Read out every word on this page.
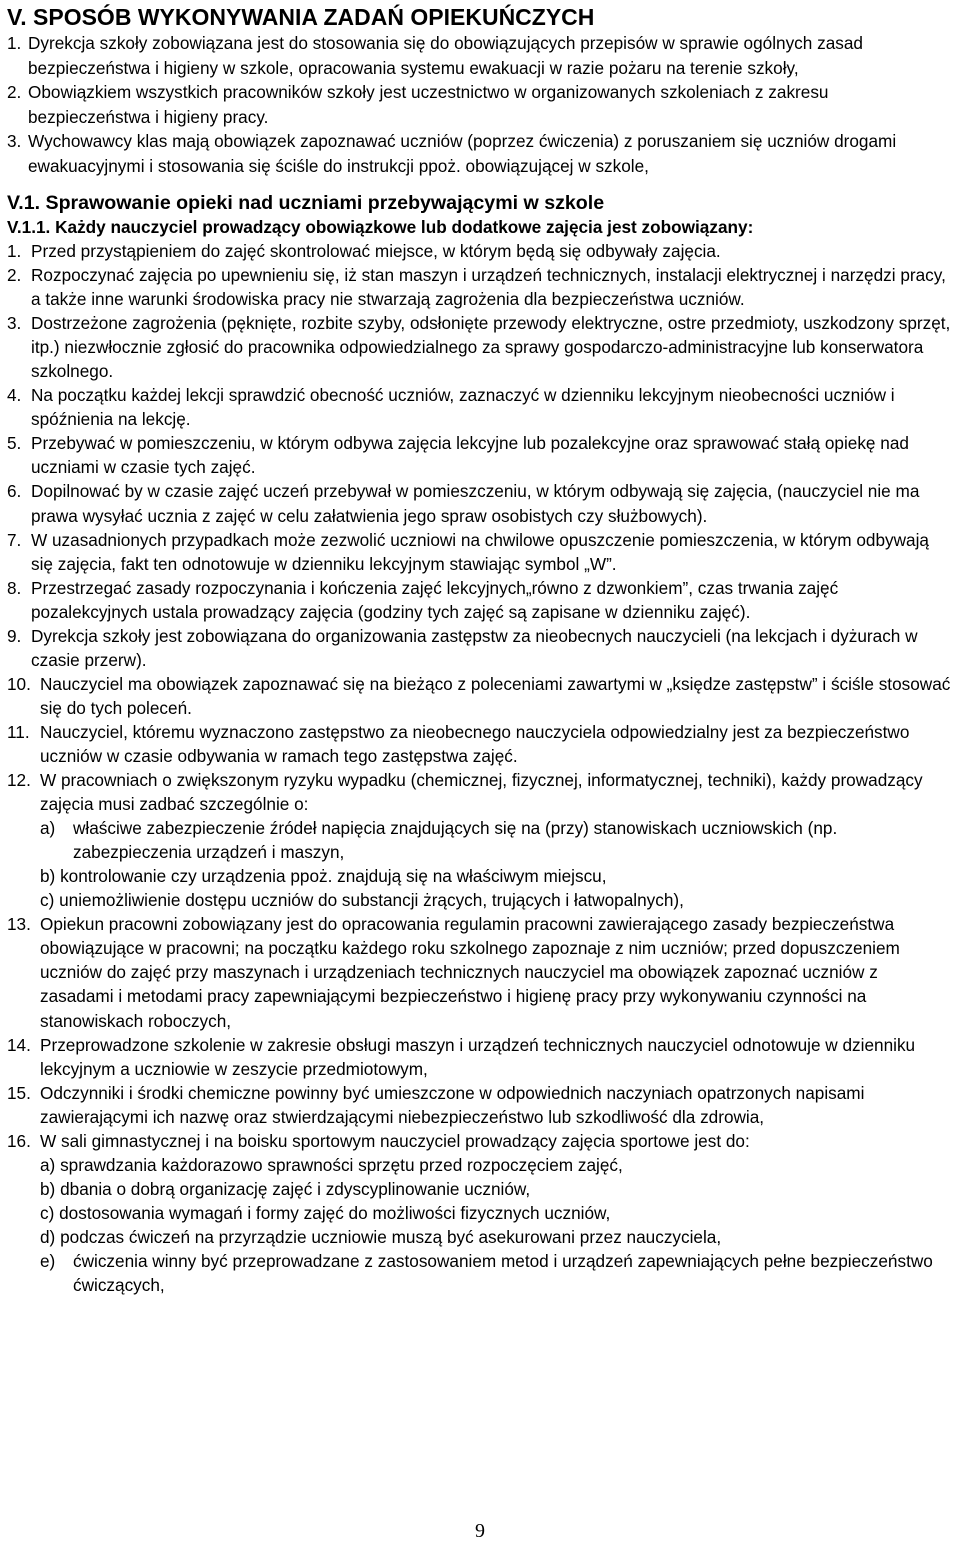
V. SPOSÓB WYKONYWANIA ZADAŃ OPIEKUŃCZYCH
1. Dyrekcja szkoły zobowiązana jest do stosowania się do obowiązujących przepisów w sprawie ogólnych zasad bezpieczeństwa i higieny w szkole, opracowania systemu ewakuacji w razie pożaru na terenie szkoły,
2. Obowiązkiem wszystkich pracowników szkoły jest uczestnictwo w organizowanych szkoleniach z zakresu bezpieczeństwa i higieny pracy.
3. Wychowawcy klas mają obowiązek zapoznawać uczniów (poprzez ćwiczenia) z poruszaniem się uczniów drogami ewakuacyjnymi i stosowania się ściśle do instrukcji ppoż. obowiązującej w szkole,
V.1. Sprawowanie opieki nad uczniami przebywającymi w szkole
V.1.1. Każdy nauczyciel prowadzący obowiązkowe lub dodatkowe zajęcia jest zobowiązany:
1. Przed przystąpieniem do zajęć skontrolować miejsce, w którym będą się odbywały zajęcia.
2. Rozpoczynać zajęcia po upewnieniu się, iż stan maszyn i urządzeń technicznych, instalacji elektrycznej i narzędzi pracy, a także inne warunki środowiska pracy nie stwarzają zagrożenia dla bezpieczeństwa uczniów.
3. Dostrzeżone zagrożenia (pęknięte, rozbite szyby, odsłonięte przewody elektryczne, ostre przedmioty, uszkodzony sprzęt, itp.) niezwłocznie zgłosić do pracownika odpowiedzialnego za sprawy gospodarczo-administracyjne lub konserwatora szkolnego.
4. Na początku każdej lekcji sprawdzić obecność uczniów, zaznaczyć w dzienniku lekcyjnym nieobecności uczniów i spóźnienia na lekcję.
5. Przebywać w pomieszczeniu, w którym odbywa zajęcia lekcyjne lub pozalekcyjne oraz sprawować stałą opiekę nad uczniami w czasie tych zajęć.
6. Dopilnować by w czasie zajęć uczeń przebywał w pomieszczeniu, w którym odbywają się zajęcia, (nauczyciel nie ma prawa wysyłać ucznia z zajęć w celu załatwienia jego spraw osobistych czy służbowych).
7. W uzasadnionych przypadkach może zezwolić uczniowi na chwilowe opuszczenie pomieszczenia, w którym odbywają się zajęcia, fakt ten odnotowuje w dzienniku lekcyjnym stawiając symbol „W”.
8. Przestrzegać zasady rozpoczynania i kończenia zajęć lekcyjnych„równo z dzwonkiem”, czas trwania zajęć pozalekcyjnych ustala prowadzący zajęcia (godziny tych zajęć są zapisane w dzienniku zajęć).
9. Dyrekcja szkoły jest zobowiązana do organizowania zastępstw za nieobecnych nauczycieli (na lekcjach i dyżurach w czasie przerw).
10. Nauczyciel ma obowiązek zapoznawać się na bieżąco z poleceniami zawartymi w „księdze zastępstw” i ściśle stosować się do tych poleceń.
11. Nauczyciel, któremu wyznaczono zastępstwo za nieobecnego nauczyciela odpowiedzialny jest za bezpieczeństwo uczniów w czasie odbywania w ramach tego zastępstwa zajęć.
12. W pracowniach o zwiększonym ryzyku wypadku (chemicznej, fizycznej, informatycznej, techniki), każdy prowadzący zajęcia musi zadbać szczególnie o:
a) właściwe zabezpieczenie źródeł napięcia znajdujących się na (przy) stanowiskach uczniowskich (np. zabezpieczenia urządzeń i maszyn,
b) kontrolowanie czy urządzenia ppoż. znajdują się na właściwym miejscu,
c) uniemożliwienie dostępu uczniów do substancji żrących, trujących i łatwopalnych),
13. Opiekun pracowni zobowiązany jest do opracowania regulamin pracowni zawierającego zasady bezpieczeństwa obowiązujące w pracowni; na początku każdego roku szkolnego zapoznaje z nim uczniów; przed dopuszczeniem uczniów do zajęć przy maszynach i urządzeniach technicznych nauczyciel ma obowiązek zapoznać uczniów z zasadami i metodami pracy zapewniającymi bezpieczeństwo i higienę pracy przy wykonywaniu czynności na stanowiskach roboczych,
14. Przeprowadzone szkolenie w zakresie obsługi maszyn i urządzeń technicznych nauczyciel odnotowuje w dzienniku lekcyjnym a uczniowie w zeszycie przedmiotowym,
15. Odczynniki i środki chemiczne powinny być umieszczone w odpowiednich naczyniach opatrzonych napisami zawierającymi ich nazwę oraz stwierdzającymi niebezpieczeństwo lub szkodliwość dla zdrowia,
16. W sali gimnastycznej i na boisku sportowym nauczyciel prowadzący zajęcia sportowe jest do:
a) sprawdzania każdorazowo sprawności sprzętu przed rozpoczęciem zajęć,
b) dbania o dobrą organizację zajęć i zdyscyplinowanie uczniów,
c) dostosowania wymagań i formy zajęć do możliwości fizycznych uczniów,
d) podczas ćwiczeń na przyrządzie uczniowie muszą być asekurowani przez nauczyciela,
e) ćwiczenia winny być przeprowadzane z zastosowaniem metod i urządzeń zapewniających pełne bezpieczeństwo ćwiczących,
9
